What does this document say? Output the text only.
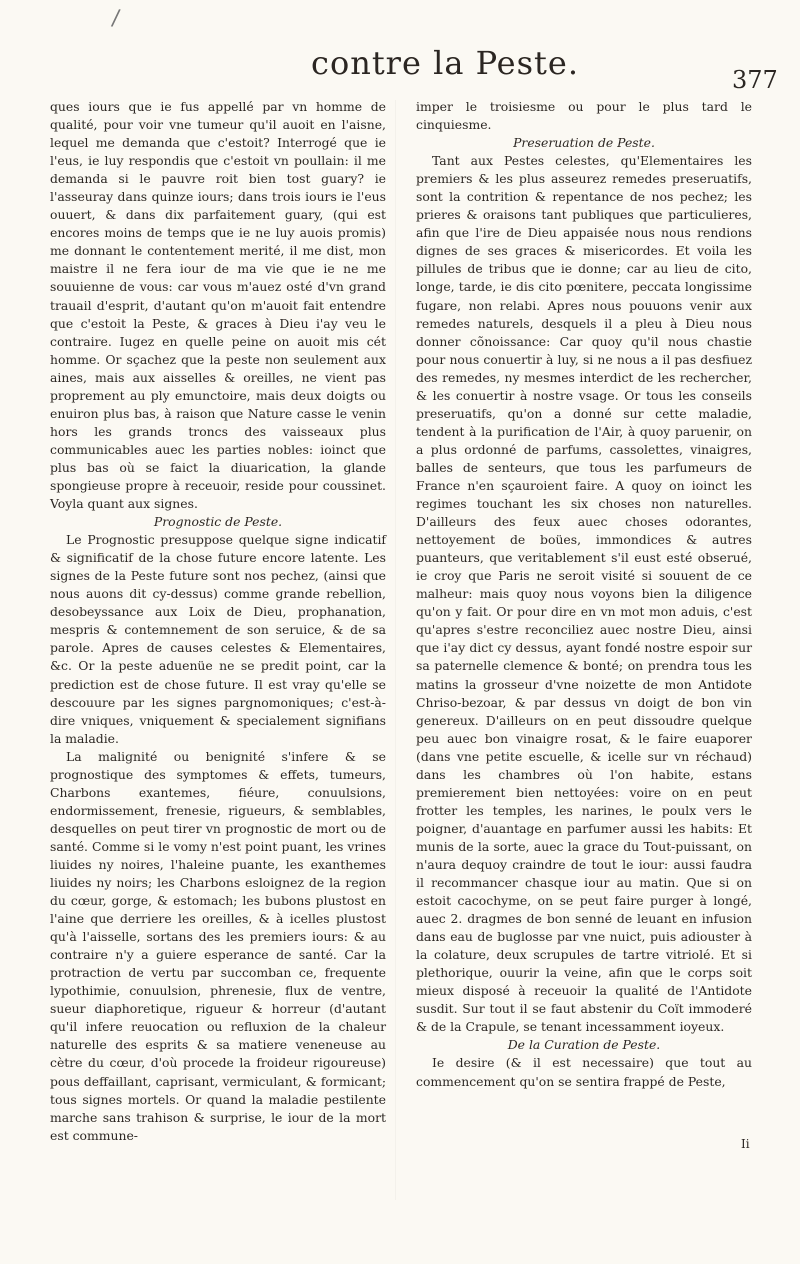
/
contre la Peste.	377

ques iours que ie fus appellé par vn homme de qualité, pour voir vne tumeur qu'il auoit en l'aisne, lequel me demanda que c'estoit? Interrogé que ie l'eus, ie luy respondis que c'estoit vn poullain: il me demanda si le pauvre roit bien tost guary? ie l'asseuray dans quinze iours; dans trois iours ie l'eus ouuert, & dans dix parfaitement guary, (qui est encores moins de temps que ie ne luy auois promis) me donnant le contentement merité, il me dist, mon maistre il ne fera iour de ma vie que ie ne me souuienne de vous: car vous m'auez osté d'vn grand trauail d'esprit, d'autant qu'on m'auoit fait entendre que c'estoit la Peste, & graces à Dieu i'ay veu le contraire. Iugez en quelle peine on auoit mis cét homme. Or sçachez que la peste non seulement aux aines, mais aux aisselles & oreilles, ne vient pas proprement au ply emunctoire, mais deux doigts ou enuiron plus bas, à raison que Nature casse le venin hors les grands troncs des vaisseaux plus communicables auec les parties nobles: ioinct que plus bas où se faict la diuarication, la glande spongieuse propre à receuoir, reside pour coussinet. Voyla quant aux signes.

Prognostic de Peste.

Le Prognostic presuppose quelque signe indicatif & significatif de la chose future encore latente. Les signes de la Peste future sont nos pechez, (ainsi que nous auons dit cy-dessus) comme grande rebellion, desobeyssance aux Loix de Dieu, prophanation, mespris & contemnement de son seruice, & de sa parole. Apres de causes celestes & Elementaires, &c. Or la peste aduenüe ne se predit point, car la prediction est de chose future. Il est vray qu'elle se descouure par les signes pargnomoniques; c'est-à-dire vniques, vniquement & specialement signifians la maladie.

La malignité ou benignité s'infere & se prognostique des symptomes & effets, tumeurs, Charbons exantemes, fiéure, conuulsions, endormissement, frenesie, rigueurs, & semblables, desquelles on peut tirer vn prognostic de mort ou de santé. Comme si le vomy n'est point puant, les vrines liuides ny noires, l'haleine puante, les exanthemes liuides ny noirs; les Charbons esloignez de la region du cœur, gorge, & estomach; les bubons plustost en l'aine que derriere les oreilles, & à icelles plustost qu'à l'aisselle, sortans des les premiers iours: & au contraire n'y a guiere esperance de santé. Car la protraction de vertu par succomban ce, frequente lypothimie, conuulsion, phrenesie, flux de ventre, sueur diaphoretique, rigueur & horreur (d'autant qu'il infere reuocation ou refluxion de la chaleur naturelle des esprits & sa matiere veneneuse au cètre du cœur, d'où procede la froideur rigoureuse) pous deffaillant, caprisant, vermiculant, & formicant; tous signes mortels. Or quand la maladie pestilente marche sans trahison & surprise, le iour de la mort est commune-

imper le troisiesme ou pour le plus tard le cinquiesme.

Preseruation de Peste.

Tant aux Pestes celestes, qu'Elementaires les premiers & les plus asseurez remedes preseruatifs, sont la contrition & repentance de nos pechez; les prieres & oraisons tant publiques que particulieres, afin que l'ire de Dieu appaisée nous nous rendions dignes de ses graces & misericordes. Et voila les pillules de tribus que ie donne; car au lieu de cito, longe, tarde, ie dis cito pœnitere, peccata longissime fugare, non relabi. Apres nous pouuons venir aux remedes naturels, desquels il a pleu à Dieu nous donner cõnoissance: Car quoy qu'il nous chastie pour nous conuertir à luy, si ne nous a il pas desfiuez des remedes, ny mesmes interdict de les rechercher, & les conuertir à nostre vsage. Or tous les conseils preseruatifs, qu'on a donné sur cette maladie, tendent à la purification de l'Air, à quoy paruenir, on a plus ordonné de parfums, cassolettes, vinaigres, balles de senteurs, que tous les parfumeurs de France n'en sçauroient faire. A quoy on ioinct les regimes touchant les six choses non naturelles. D'ailleurs des feux auec choses odorantes, nettoyement de boües, immondices & autres puanteurs, que veritablement s'il eust esté obserué, ie croy que Paris ne seroit visité si souuent de ce malheur: mais quoy nous voyons bien la diligence qu'on y fait. Or pour dire en vn mot mon aduis, c'est qu'apres s'estre reconciliez auec nostre Dieu, ainsi que i'ay dict cy dessus, ayant fondé nostre espoir sur sa paternelle clemence & bonté; on prendra tous les matins la grosseur d'vne noizette de mon Antidote Chriso-bezoar, & par dessus vn doigt de bon vin genereux. D'ailleurs on en peut dissoudre quelque peu auec bon vinaigre rosat, & le faire euaporer (dans vne petite escuelle, & icelle sur vn réchaud) dans les chambres où l'on habite, estans premierement bien nettoyées: voire on en peut frotter les temples, les narines, le poulx vers le poigner, d'auantage en parfumer aussi les habits: Et munis de la sorte, auec la grace du Tout-puissant, on n'aura dequoy craindre de tout le iour: aussi faudra il recommancer chasque iour au matin. Que si on estoit cacochyme, on se peut faire purger à longé, auec 2. dragmes de bon senné de leuant en infusion dans eau de buglosse par vne nuict, puis adiouster à la colature, deux scrupules de tartre vitriolé. Et si plethorique, ouurir la veine, afin que le corps soit mieux disposé à receuoir la qualité de l'Antidote susdit. Sur tout il se faut abstenir du Coït immoderé & de la Crapule, se tenant incessamment ioyeux.

De la Curation de Peste.

Ie desire (& il est necessaire) que tout au commencement qu'on se sentira frappé de Peste,

Ii
